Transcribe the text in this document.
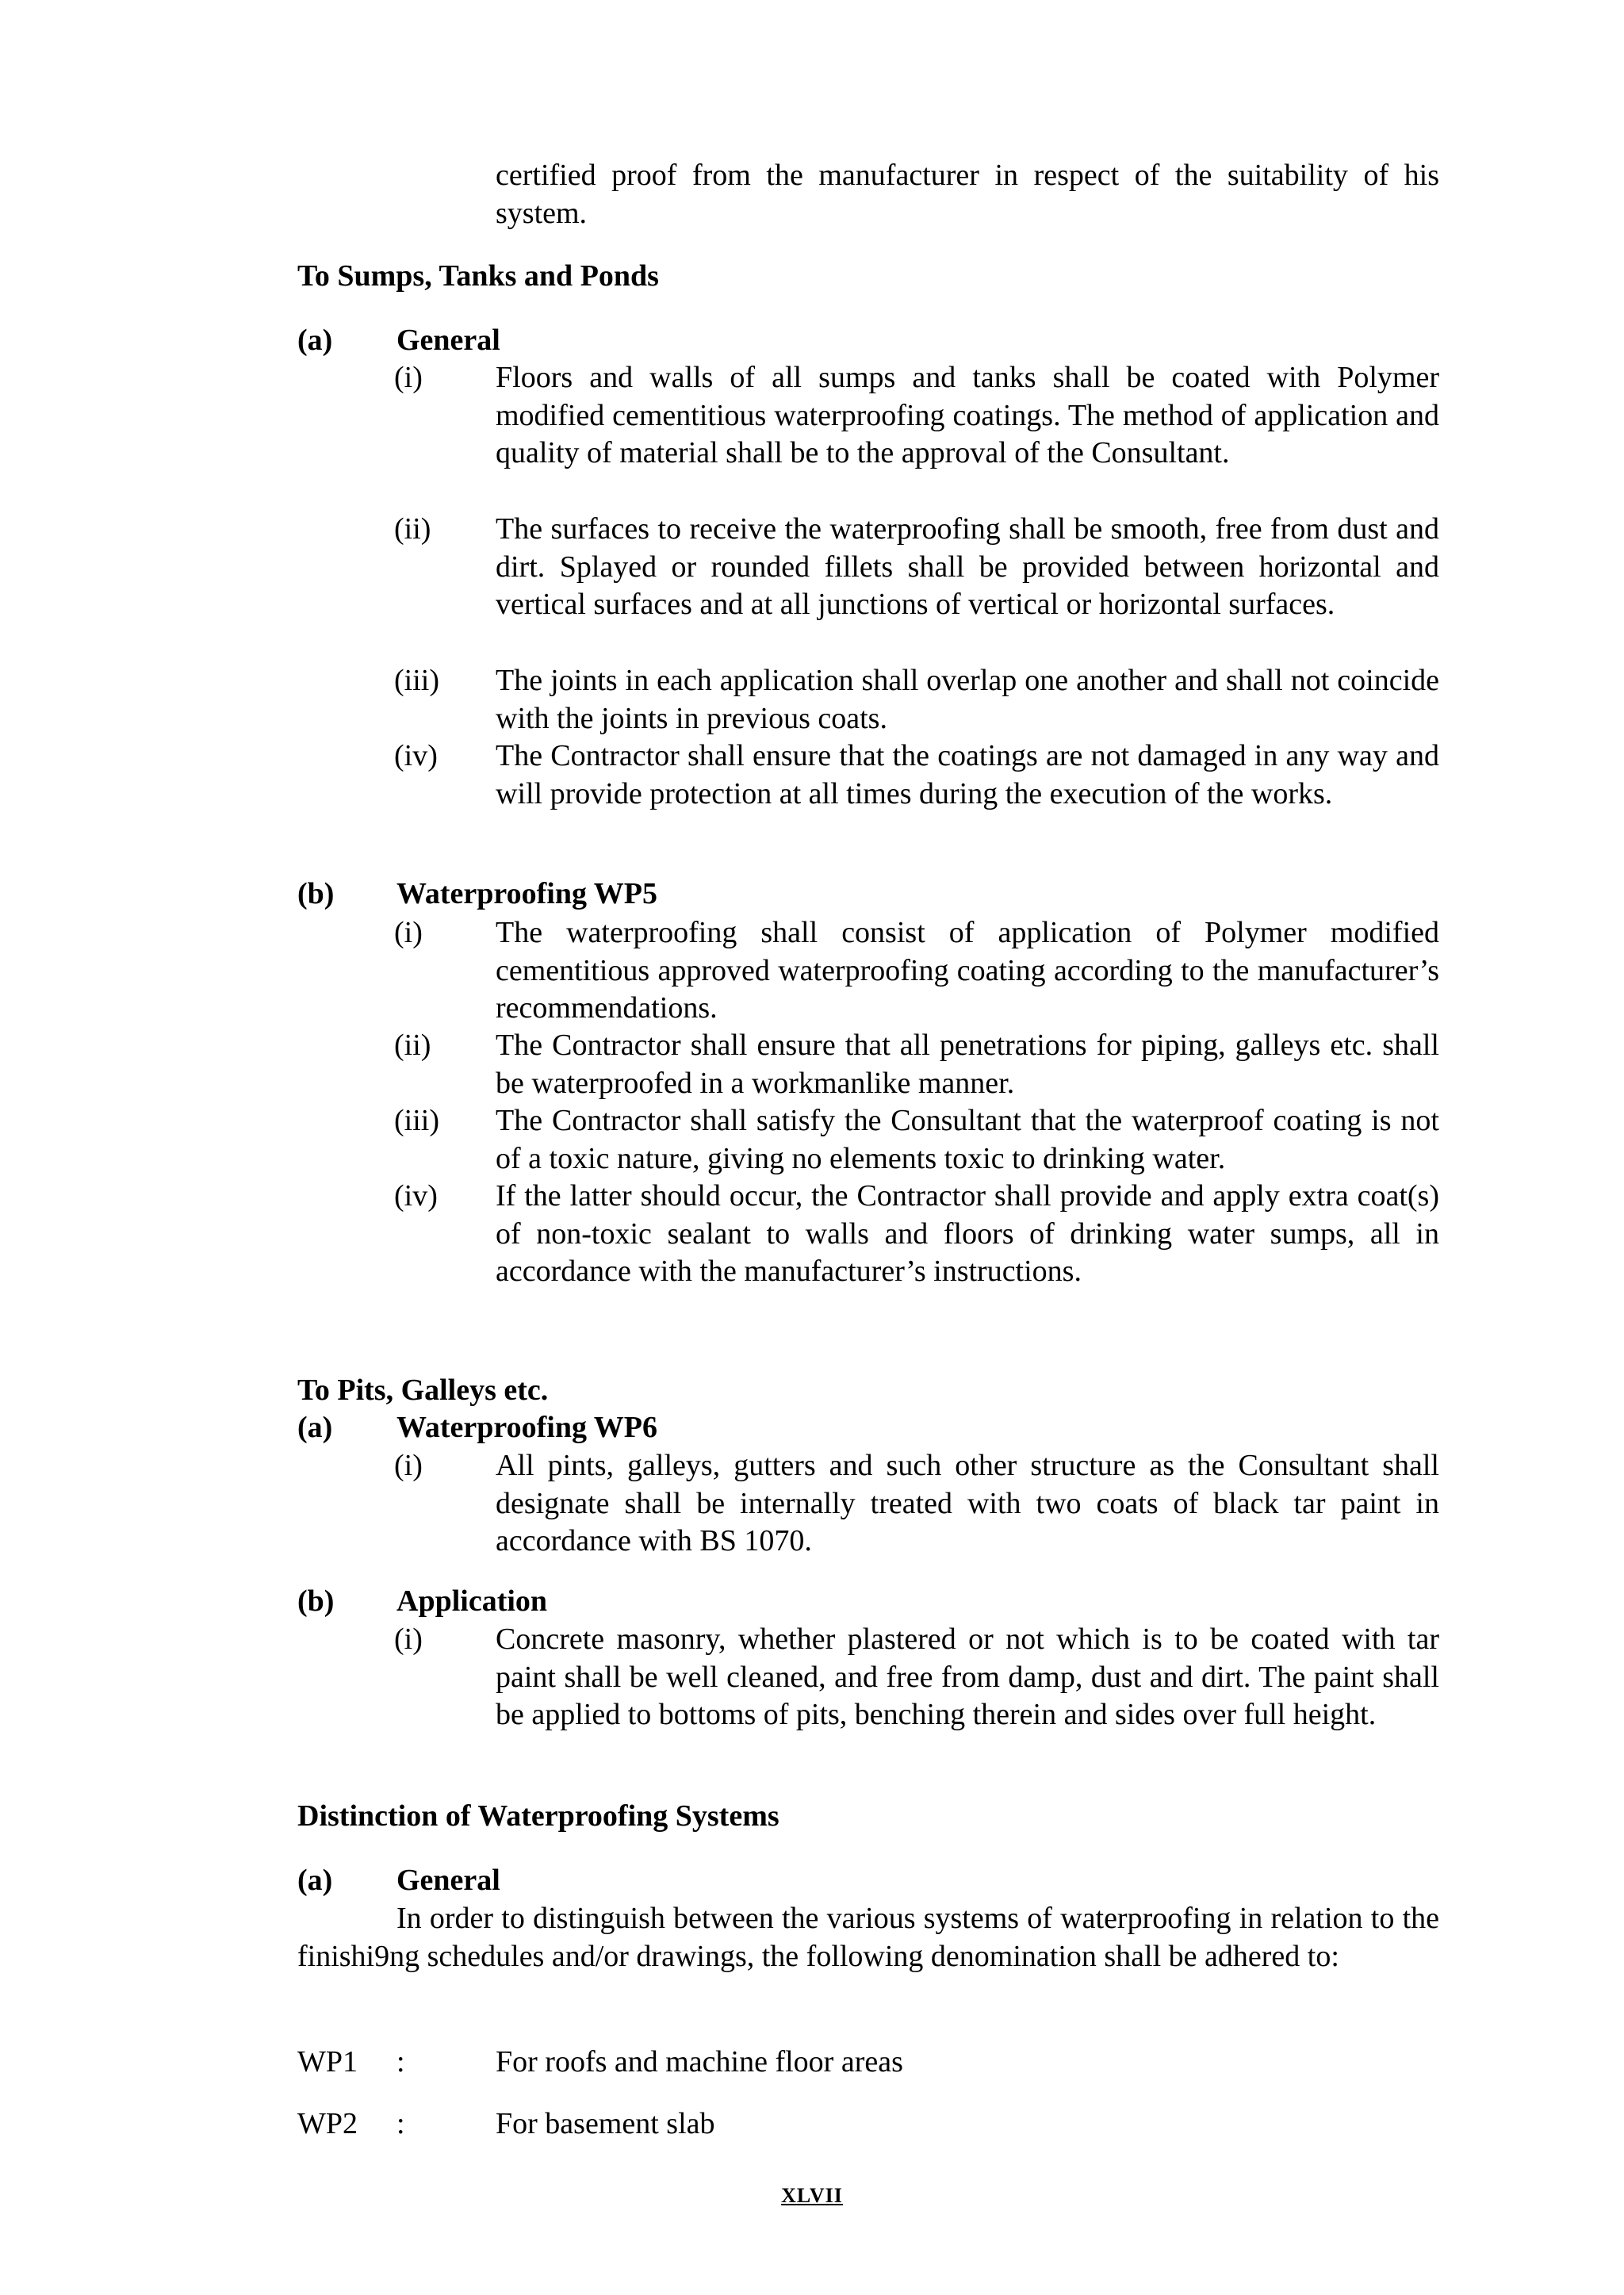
certified proof from the manufacturer in respect of the suitability of his system.

To Sumps, Tanks and Ponds

(a) General
(i) Floors and walls of all sumps and tanks shall be coated with Polymer modified cementitious waterproofing coatings. The method of application and quality of material shall be to the approval of the Consultant.
(ii) The surfaces to receive the waterproofing shall be smooth, free from dust and dirt. Splayed or rounded fillets shall be provided between horizontal and vertical surfaces and at all junctions of vertical or horizontal surfaces.
(iii) The joints in each application shall overlap one another and shall not coincide with the joints in previous coats.
(iv) The Contractor shall ensure that the coatings are not damaged in any way and will provide protection at all times during the execution of the works.
(b) Waterproofing WP5
(i) The waterproofing shall consist of application of Polymer modified cementitious approved waterproofing coating according to the manufacturer’s recommendations.
(ii) The Contractor shall ensure that all penetrations for piping, galleys etc. shall be waterproofed in a workmanlike manner.
(iii) The Contractor shall satisfy the Consultant that the waterproof coating is not of a toxic nature, giving no elements toxic to drinking water.
(iv) If the latter should occur, the Contractor shall provide and apply extra coat(s) of non-toxic sealant to walls and floors of drinking water sumps, all in accordance with the manufacturer’s instructions.

To Pits, Galleys etc.

(a) Waterproofing WP6
(i) All pints, galleys, gutters and such other structure as the Consultant shall designate shall be internally treated with two coats of black tar paint in accordance with BS 1070.
(b) Application
(i) Concrete masonry, whether plastered or not which is to be coated with tar paint shall be well cleaned, and free from damp, dust and dirt. The paint shall be applied to bottoms of pits, benching therein and sides over full height.

Distinction of Waterproofing Systems

(a) General

In order to distinguish between the various systems of waterproofing in relation to the finishi9ng schedules and/or drawings, the following denomination shall be adhered to:

WP1 :	For roofs and machine floor areas
WP2 :	For basement slab
XLVII
